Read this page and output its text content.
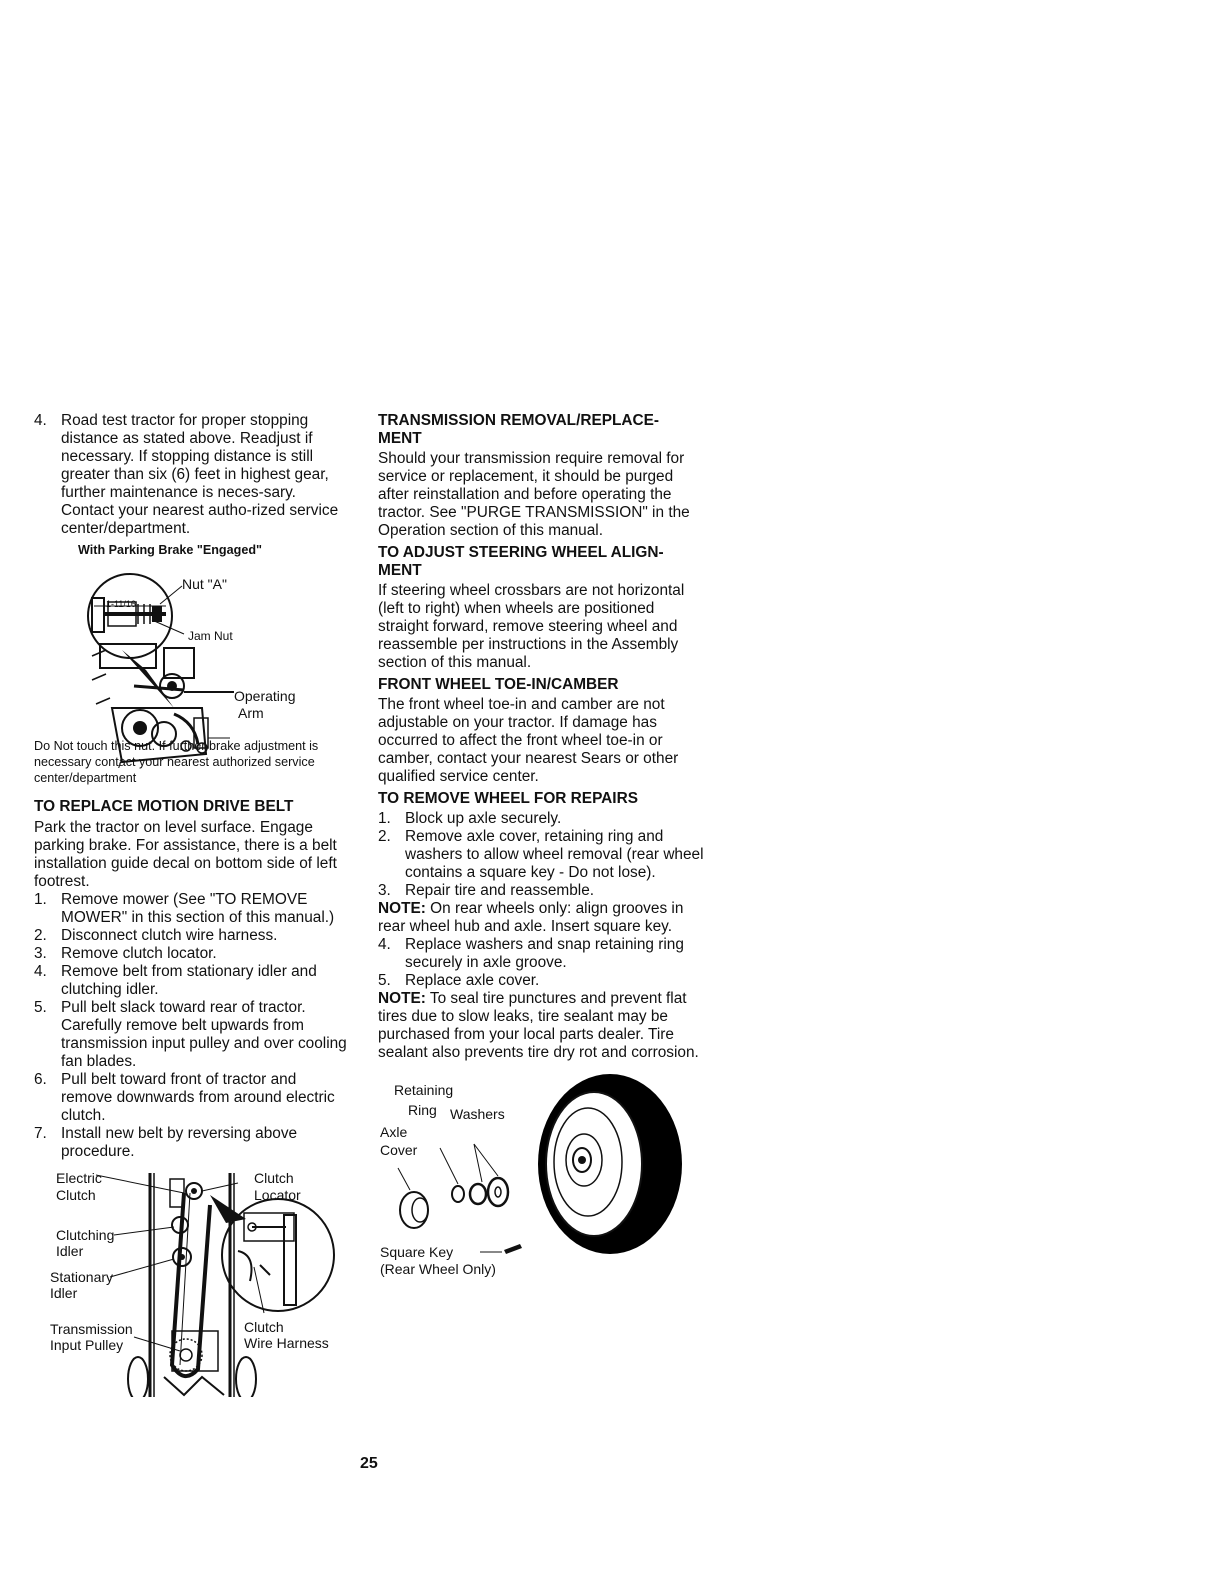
4. Road test tractor for proper stopping distance as stated above. Readjust if necessary. If stopping distance is still greater than six (6) feet in highest gear, further maintenance is neces-sary. Contact your nearest autho-rized service center/department.

With Parking Brake "Engaged"

1-11/16
Nut "A"
Jam Nut
Operating
Arm

Do Not touch this nut. If further brake adjustment is necessary contact your nearest authorized service center/department

TO REPLACE MOTION DRIVE BELT

Park the tractor on level surface. Engage parking brake. For assistance, there is a belt installation guide decal on bottom side of left footrest.

1. Remove mower (See "TO REMOVE MOWER" in this section of this manual.)
2. Disconnect clutch wire harness.
3. Remove clutch locator.
4. Remove belt from stationary idler and clutching idler.
5. Pull belt slack toward rear of tractor. Carefully remove belt upwards from transmission input pulley and over cooling fan blades.
6. Pull belt toward front of tractor and remove downwards from around electric clutch.
7. Install new belt by reversing above procedure.
Electric
Clutch
Clutch
Locator
Clutching
Idler
Stationary
Idler
Transmission
Input Pulley
Clutch
Wire Harness
TRANSMISSION REMOVAL/REPLACE-
MENT

Should your transmission require removal for service or replacement, it should be purged after reinstallation and before operating the tractor. See "PURGE TRANSMISSION" in the Operation section of this manual.

TO ADJUST STEERING WHEEL ALIGN-
MENT

If steering wheel crossbars are not horizontal (left to right) when wheels are positioned straight forward, remove steering wheel and reassemble per instructions in the Assembly section of this manual.

FRONT WHEEL TOE-IN/CAMBER

The front wheel toe-in and camber are not adjustable on your tractor. If damage has occurred to affect the front wheel toe-in or camber, contact your nearest Sears or other qualified service center.

TO REMOVE WHEEL FOR REPAIRS
1. Block up axle securely.
2. Remove axle cover, retaining ring and washers to allow wheel removal (rear wheel contains a square key - Do not lose).
3. Repair tire and reassemble.

NOTE: On rear wheels only: align grooves in rear wheel hub and axle. Insert square key.

4. Replace washers and snap retaining ring securely in axle groove.
5. Replace axle cover.

NOTE: To seal tire punctures and prevent flat tires due to slow leaks, tire sealant may be purchased from your local parts dealer. Tire sealant also prevents tire dry rot and corrosion.

Retaining
Ring Washers
Axle
Cover
Square Key
(Rear Wheel Only)
25
